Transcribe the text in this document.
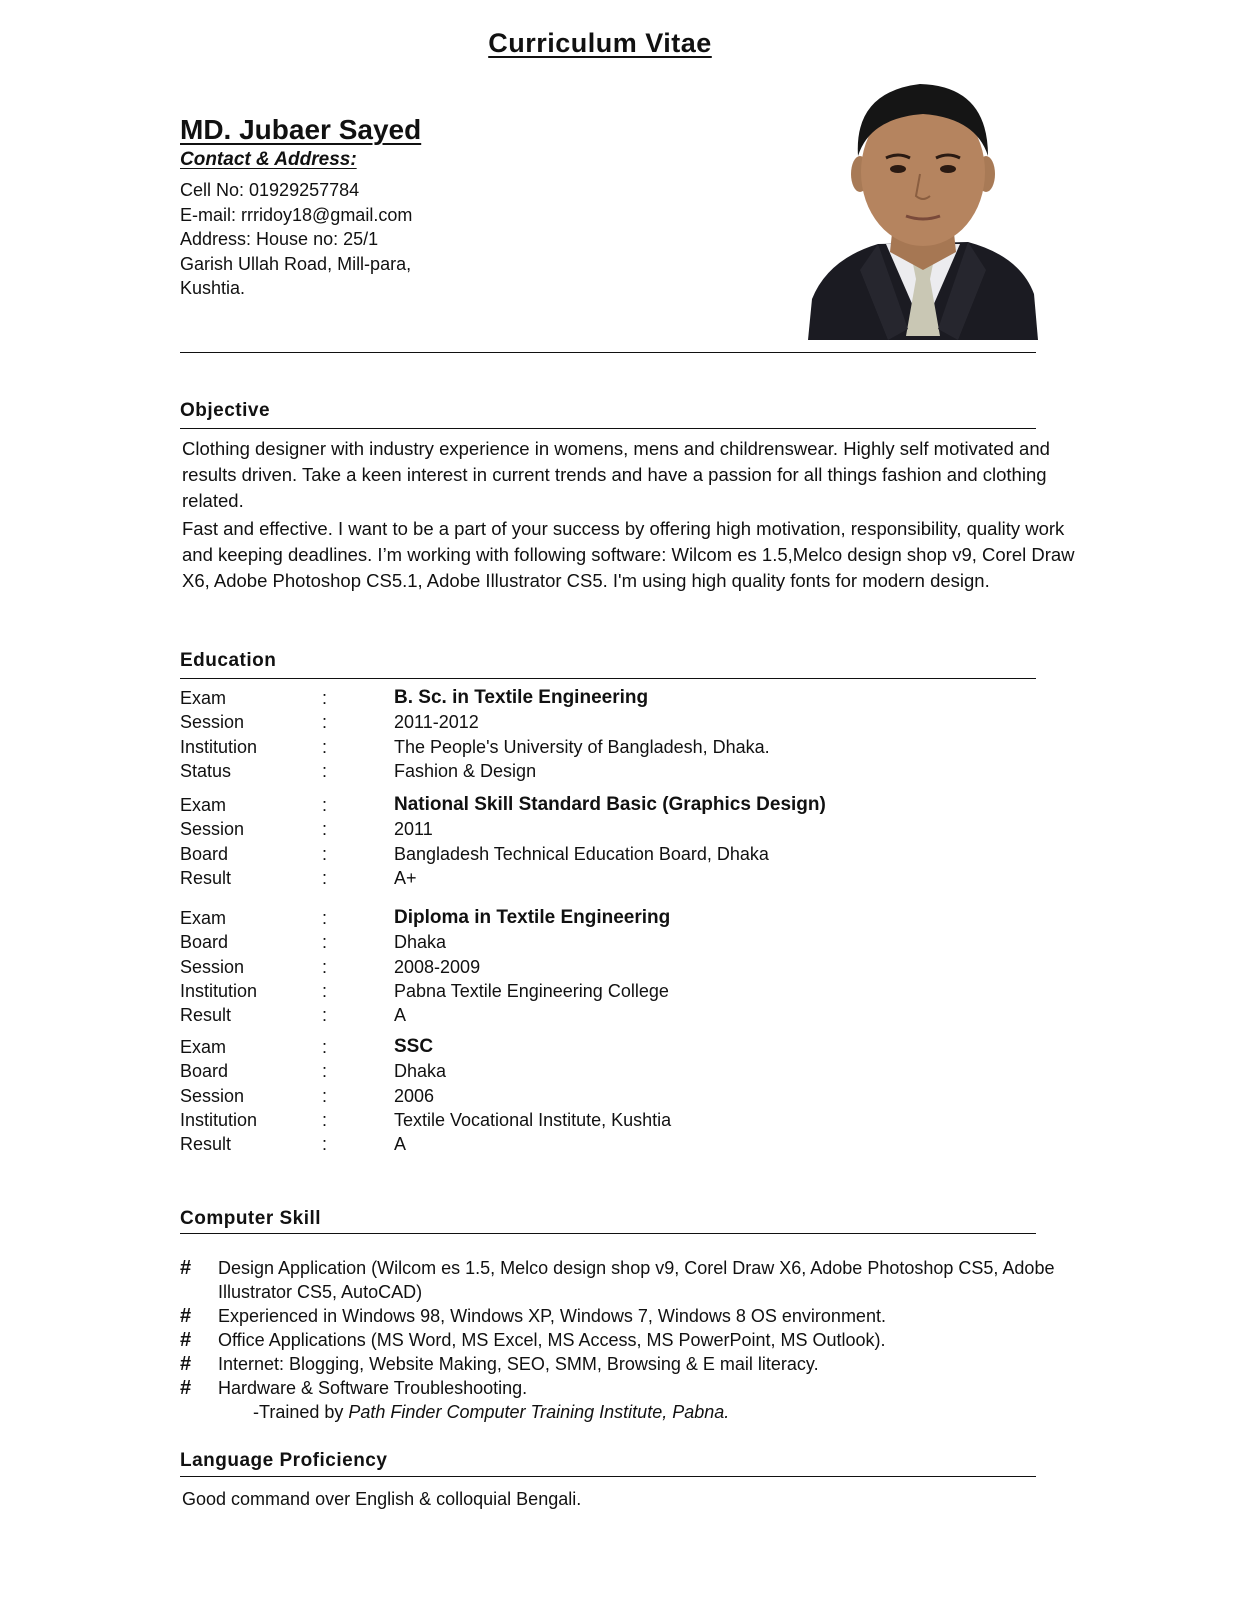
Curriculum Vitae
MD. Jubaer Sayed
Contact & Address:
Cell No: 01929257784
E-mail: rrridoy18@gmail.com
Address: House no: 25/1
Garish Ullah Road, Mill-para,
Kushtia.
Objective
Clothing designer with industry experience in womens, mens and childrenswear. Highly self motivated and results driven. Take a keen interest in current trends and have a passion for all things fashion and clothing related.
Fast and effective. I want to be a part of your success by offering high motivation, responsibility, quality work and keeping deadlines. I’m working with following software: Wilcom es 1.5,Melco design shop v9, Corel Draw X6, Adobe Photoshop CS5.1, Adobe Illustrator CS5. I'm using high quality fonts for modern design.
Education
Exam	:	B. Sc. in Textile Engineering
Session	:	2011-2012
Institution	:	The People's University of Bangladesh, Dhaka.
Status	:	Fashion & Design
Exam	:	National Skill Standard Basic (Graphics Design)
Session	:	2011
Board	:	Bangladesh Technical Education Board, Dhaka
Result	:	A+
Exam	:	Diploma in Textile Engineering
Board	:	Dhaka
Session	:	2008-2009
Institution	:	Pabna Textile Engineering College
Result	:	A
Exam	:	SSC
Board	:	Dhaka
Session	:	2006
Institution	:	Textile Vocational Institute, Kushtia
Result	:	A
Computer Skill
#	Design Application (Wilcom es 1.5, Melco design shop v9, Corel Draw X6, Adobe Photoshop CS5, Adobe Illustrator CS5, AutoCAD)
#	Experienced in Windows 98, Windows XP, Windows 7, Windows 8 OS environment.
#	Office Applications (MS Word, MS Excel, MS Access, MS PowerPoint, MS Outlook).
#	Internet: Blogging, Website Making, SEO, SMM, Browsing & E mail literacy.
#	Hardware & Software Troubleshooting.
-Trained by Path Finder Computer Training Institute, Pabna.
Language Proficiency
Good command over English & colloquial Bengali.
